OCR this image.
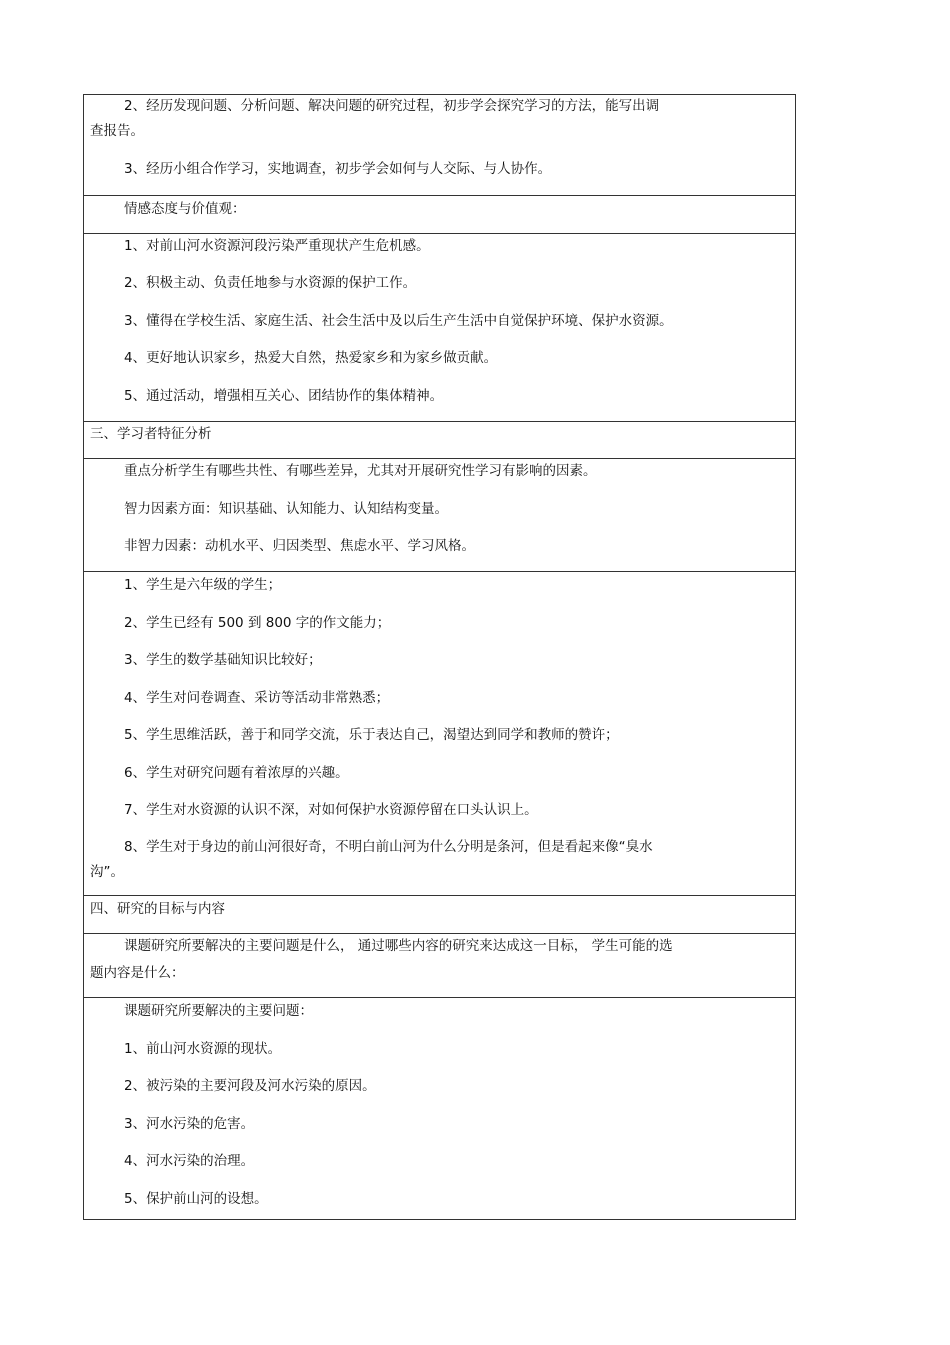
2、经历发现问题、分析问题、解决问题的研究过程，初步学会探究学习的方法，能写出调
查报告。
3、经历小组合作学习，实地调查，初步学会如何与人交际、与人协作。
情感态度与价值观：
1、对前山河水资源河段污染严重现状产生危机感。
2、积极主动、负责任地参与水资源的保护工作。
3、懂得在学校生活、家庭生活、社会生活中及以后生产生活中自觉保护环境、保护水资源。
4、更好地认识家乡，热爱大自然，热爱家乡和为家乡做贡献。
5、通过活动，增强相互关心、团结协作的集体精神。
三、学习者特征分析
重点分析学生有哪些共性、有哪些差异，尤其对开展研究性学习有影响的因素。
智力因素方面：知识基础、认知能力、认知结构变量。
非智力因素：动机水平、归因类型、焦虑水平、学习风格。
1、学生是六年级的学生；
2、学生已经有 500 到 800 字的作文能力；
3、学生的数学基础知识比较好；
4、学生对问卷调查、采访等活动非常熟悉；
5、学生思维活跃，善于和同学交流，乐于表达自己，渴望达到同学和教师的赞许；
6、学生对研究问题有着浓厚的兴趣。
7、学生对水资源的认识不深，对如何保护水资源停留在口头认识上。
8、学生对于身边的前山河很好奇，不明白前山河为什么分明是条河，但是看起来像“臭水
沟”。
四、研究的目标与内容
课题研究所要解决的主要问题是什么， 通过哪些内容的研究来达成这一目标， 学生可能的选
题内容是什么：
课题研究所要解决的主要问题：
1、前山河水资源的现状。
2、被污染的主要河段及河水污染的原因。
3、河水污染的危害。
4、河水污染的治理。
5、保护前山河的设想。
